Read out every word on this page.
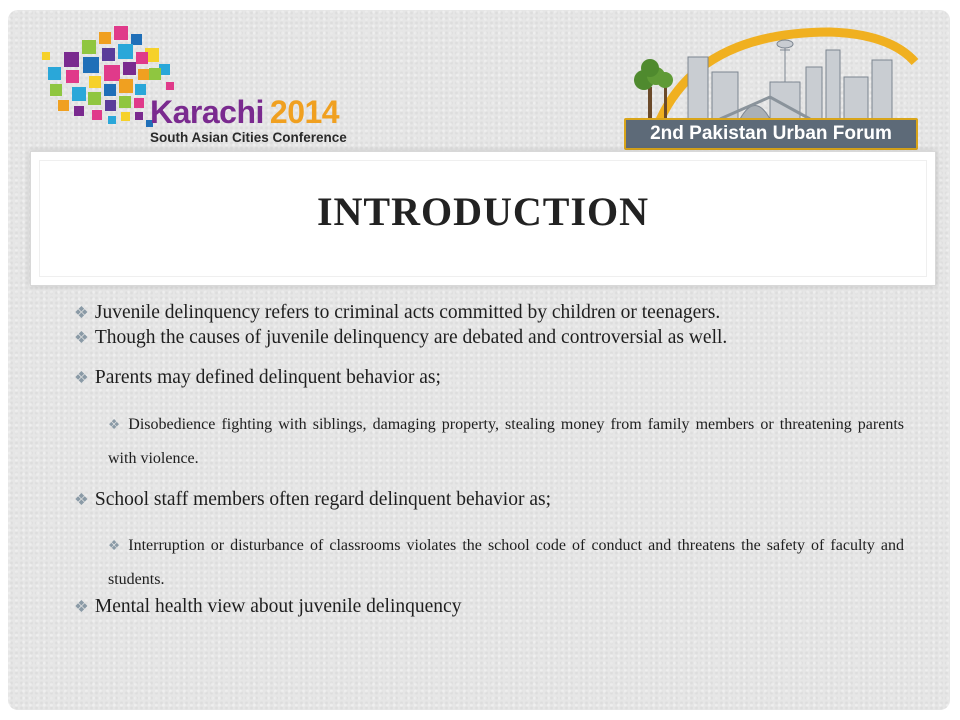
Karachi 2014
South Asian Cities Conference	2nd Pakistan Urban Forum
INTRODUCTION
❖ Juvenile delinquency refers to criminal acts committed by children or teenagers.
❖ Though the causes of juvenile delinquency are debated and controversial as well.
❖ Parents may defined delinquent behavior as;
❖ Disobedience fighting with siblings, damaging property, stealing money from family members or threatening parents with violence.
❖ School staff members often regard delinquent behavior as;
❖ Interruption or disturbance of classrooms violates the school code of conduct and threatens the safety of faculty and students.
❖ Mental health view about juvenile delinquency
